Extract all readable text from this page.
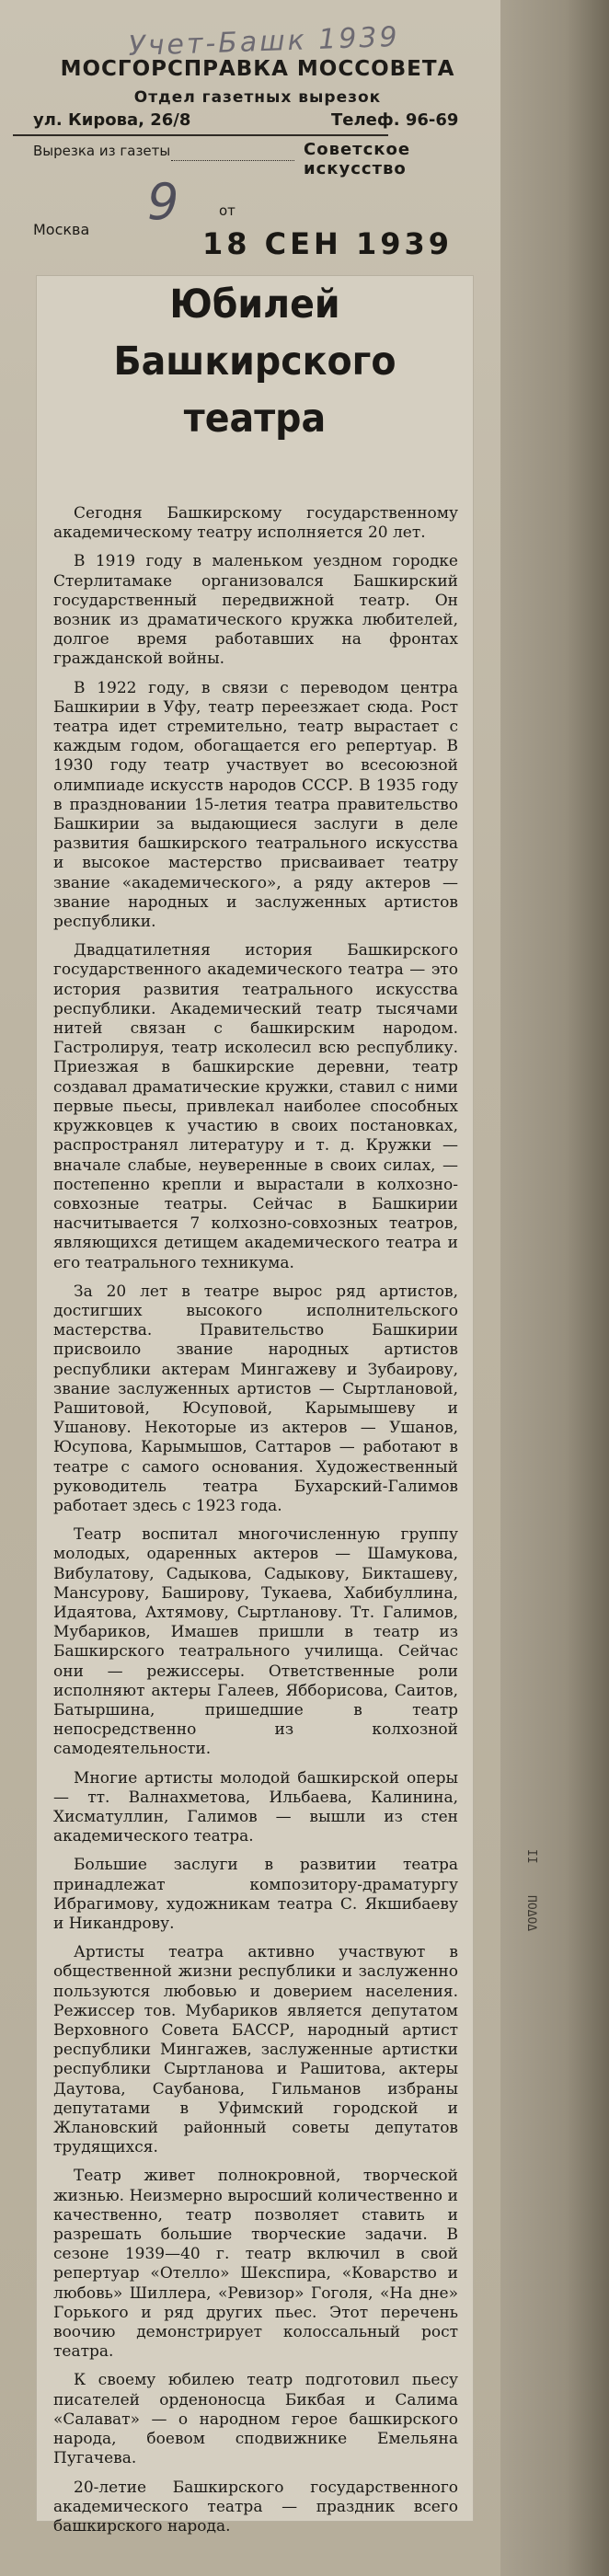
Учет-Башк 1939
МОСГОРСПРАВКА МОССОВЕТА
Отдел газетных вырезок
ул. Кирова, 26/8	Телеф. 96-69
Вырезка из газеты	Советское искусство
9	от
Москва	18 СЕН 1939
Юбилей
Башкирского
театра

Сегодня Башкирскому государственному академическому театру исполняется 20 лет.

В 1919 году в маленьком уездном городке Стерлитамаке организовался Башкирский государственный передвижной театр. Он возник из драматического кружка любителей, долгое время работавших на фронтах гражданской войны.

В 1922 году, в связи с переводом центра Башкирии в Уфу, театр переезжает сюда. Рост театра идет стремительно, театр вырастает с каждым годом, обогащается его репертуар. В 1930 году театр участвует во всесоюзной олимпиаде искусств народов СССР. В 1935 году в праздновании 15-летия театра правительство Башкирии за выдающиеся заслуги в деле развития башкирского театрального искусства и высокое мастерство присваивает театру звание «академического», а ряду актеров — звание народных и заслуженных артистов республики.

Двадцатилетняя история Башкирского государственного академического театра — это история развития театрального искусства республики. Академический театр тысячами нитей связан с башкирским народом. Гастролируя, театр исколесил всю республику. Приезжая в башкирские деревни, театр создавал драматические кружки, ставил с ними первые пьесы, привлекал наиболее способных кружковцев к участию в своих постановках, распространял литературу и т. д. Кружки — вначале слабые, неуверенные в своих силах, — постепенно крепли и вырастали в колхозно-совхозные театры. Сейчас в Башкирии насчитывается 7 колхозно-совхозных театров, являющихся детищем академического театра и его театрального техникума.

За 20 лет в театре вырос ряд артистов, достигших высокого исполнительского мастерства. Правительство Башкирии присвоило звание народных артистов республики актерам Мингажеву и Зубаирову, звание заслуженных артистов — Сыртлановой, Рашитовой, Юсуповой, Карымышеву и Ушанову. Некоторые из актеров — Ушанов, Юсупова, Карымышов, Саттаров — работают в театре с самого основания. Художественный руководитель театра Бухарский-Галимов работает здесь с 1923 года.

Театр воспитал многочисленную группу молодых, одаренных актеров — Шамукова, Вибулатову, Садыкова, Садыкову, Бикташеву, Мансурову, Баширову, Тукаева, Хабибуллина, Идаятова, Ахтямову, Сыртланову. Тт. Галимов, Мубариков, Имашев пришли в театр из Башкирского театрального училища. Сейчас они — режиссеры. Ответственные роли исполняют актеры Галеев, Ябборисова, Саитов, Батыршина, пришедшие в театр непосредственно из колхозной самодеятельности.

Многие артисты молодой башкирской оперы — тт. Валнахметова, Ильбаева, Калинина, Хисматуллин, Галимов — вышли из стен академического театра.

Большие заслуги в развитии театра принадлежат композитору-драматургу Ибрагимову, художникам театра С. Якшибаеву и Никандрову.

Артисты театра активно участвуют в общественной жизни республики и заслуженно пользуются любовью и доверием населения. Режиссер тов. Мубариков является депутатом Верховного Совета БАССР, народный артист республики Мингажев, заслуженные артистки республики Сыртланова и Рашитова, актеры Даутова, Саубанова, Гильманов избраны депутатами в Уфимский городской и Жлановский районный советы депутатов трудящихся.

Театр живет полнокровной, творческой жизнью. Неизмерно выросший количественно и качественно, театр позволяет ставить и разрешать большие творческие задачи. В сезоне 1939—40 г. театр включил в свой репертуар «Отелло» Шекспира, «Коварство и любовь» Шиллера, «Ревизор» Гоголя, «На дне» Горького и ряд других пьес. Этот перечень воочию демонстрирует колоссальный рост театра.

К своему юбилею театр подготовил пьесу писателей орденоносца Бикбая и Салима «Салават» — о народном герое башкирского народа, боевом сподвижнике Емельяна Пугачева.

20-летие Башкирского государственного академического театра — праздник всего башкирского народа.

II
ΠΟΔΟΔ
